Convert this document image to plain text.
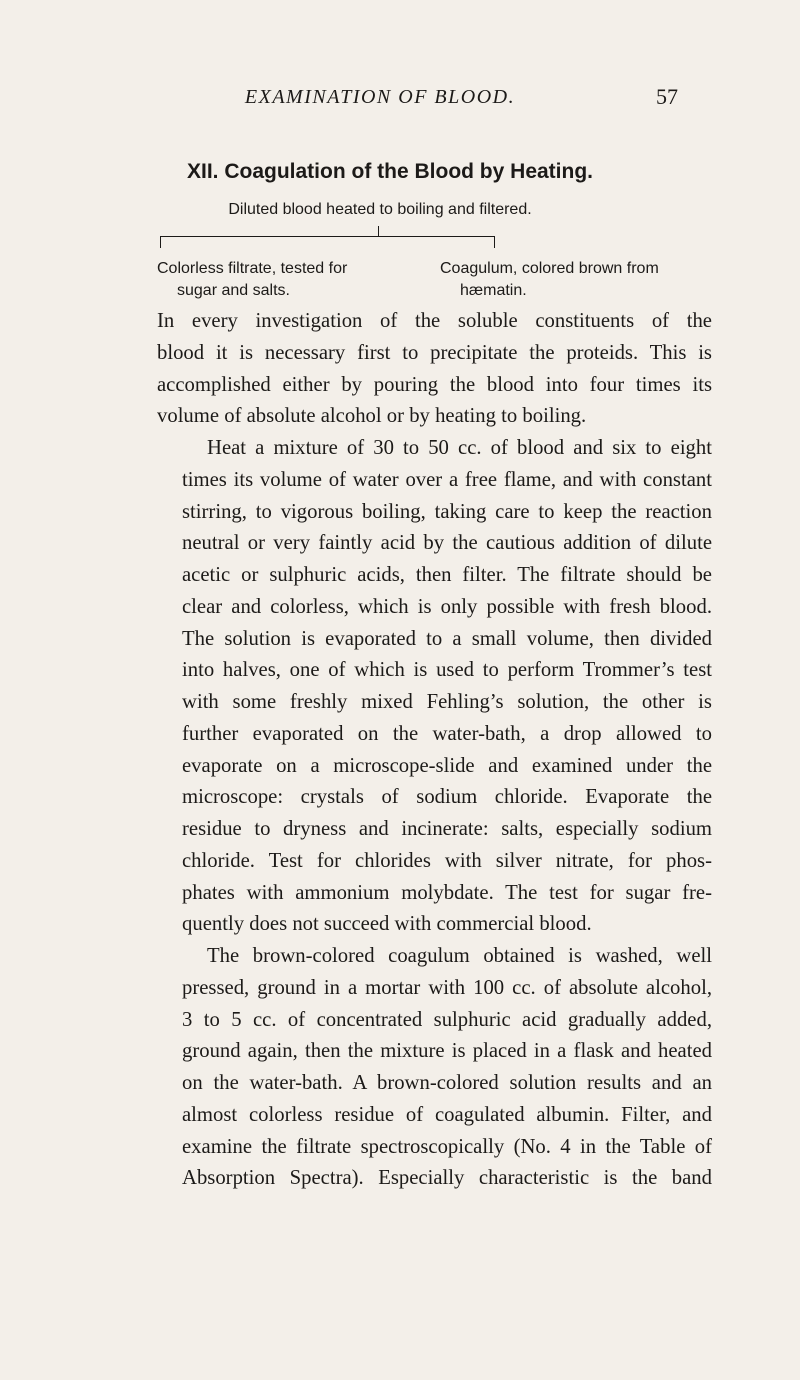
EXAMINATION OF BLOOD.	57
XII. Coagulation of the Blood by Heating.
Diluted blood heated to boiling and filtered.
Colorless filtrate, tested for
sugar and salts.
Coagulum, colored brown from
hæmatin.

In every investigation of the soluble constituents of the
blood it is necessary first to precipitate the proteids. This is
accomplished either by pouring the blood into four times its
volume of absolute alcohol or by heating to boiling.

Heat a mixture of 30 to 50 cc. of blood and six to eight
times its volume of water over a free flame, and with constant
stirring, to vigorous boiling, taking care to keep the reaction
neutral or very faintly acid by the cautious addition of dilute
acetic or sulphuric acids, then filter. The filtrate should be
clear and colorless, which is only possible with fresh blood.
The solution is evaporated to a small volume, then divided
into halves, one of which is used to perform Trommer’s test
with some freshly mixed Fehling’s solution, the other is
further evaporated on the water-bath, a drop allowed to
evaporate on a microscope-slide and examined under the
microscope: crystals of sodium chloride. Evaporate the
residue to dryness and incinerate: salts, especially sodium
chloride. Test for chlorides with silver nitrate, for phos-
phates with ammonium molybdate. The test for sugar fre-
quently does not succeed with commercial blood.

The brown-colored coagulum obtained is washed, well
pressed, ground in a mortar with 100 cc. of absolute alcohol,
3 to 5 cc. of concentrated sulphuric acid gradually added,
ground again, then the mixture is placed in a flask and heated
on the water-bath. A brown-colored solution results and an
almost colorless residue of coagulated albumin. Filter, and
examine the filtrate spectroscopically (No. 4 in the Table of
Absorption Spectra). Especially characteristic is the band
